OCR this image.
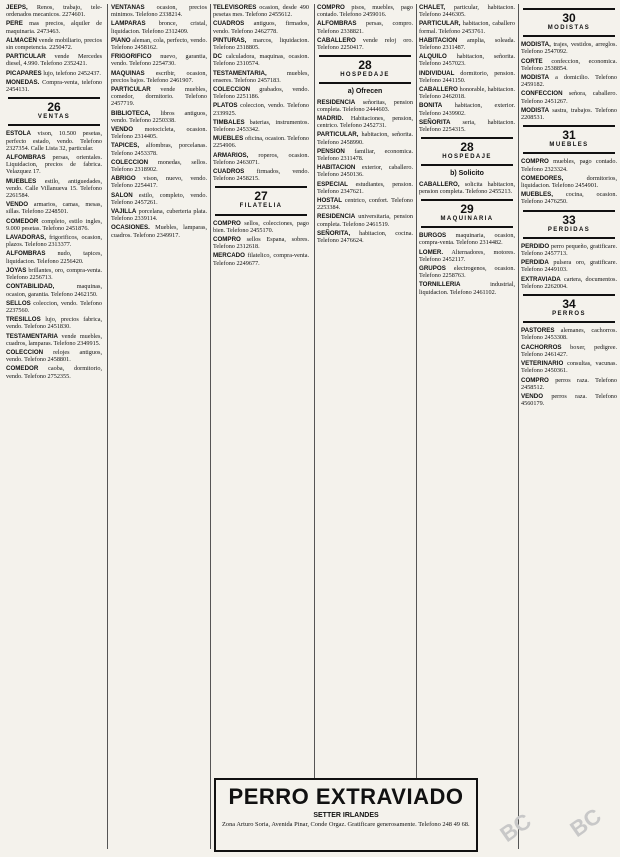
JEEPS, Renos, trabajo, tele-ordenados mecanicos. 2274601.

PERE mas precios, alquiler de maquinaria. 2473463.

ALMACEN vende mobiliario, precios sin competencia. 2250472.

PARTICULAR vende Mercedes diesel, 4.990. Telefono 2352421.

PICAPARES lujo, telefono 2452437.

MONEDAS. Compra-venta, telefono 2454131.

26
VENTAS

ESTOLA vison, 10.500 pesetas, perfecto estado, vendo. Telefono 2327354. Calle Lista 32, particular.

ALFOMBRAS persas, orientales. Liquidacion, precios de fabrica. Velazquez 17.

MUEBLES estilo, antiguedades, vendo. Calle Villanueva 15. Telefono 2261584.

VENDO armarios, camas, mesas, sillas. Telefono 2248501.

COMEDOR completo, estilo ingles, 9.000 pesetas. Telefono 2451876.

LAVADORAS, frigorificos, ocasion, plazos. Telefono 2313377.

ALFOMBRAS nudo, tapices, liquidacion. Telefono 2256420.

JOYAS brillantes, oro, compra-venta. Telefono 2256713.

CONTABILIDAD,	maquinas, ocasion, garantia. Telefono 2462150.

SELLOS coleccion, vendo. Telefono 2237560.

TRESILLOS lujo, precios fabrica, vendo. Telefono 2451830.

TESTAMENTARIA vende muebles, cuadros, lamparas. Telefono 2349915.

COLECCION relojes antiguos, vendo. Telefono 2458801.

COMEDOR caoba, dormitorio, vendo. Telefono 2752355.

VENTANAS ocasion, precios minimos. Telefono 2338214.

LAMPARAS bronce, cristal, liquidacion. Telefono 2312409.

PIANO aleman, cola, perfecto, vendo. Telefono 2458162.

FRIGORIFICO nuevo, garantia, vendo. Telefono 2254730.

MAQUINAS escribir, ocasion, precios bajos. Telefono 2461907.

PARTICULAR vende muebles, comedor, dormitorio. Telefono 2457719.

BIBLIOTECA, libros antiguos, vendo. Telefono 2250338.

VENDO motocicleta, ocasion. Telefono 2314405.

TAPICES, alfombras, porcelanas. Telefono 2453378.

COLECCION monedas, sellos. Telefono 2318902.

ABRIGO vison, nuevo, vendo. Telefono 2254417.

SALON estilo, completo, vendo. Telefono 2457261.

VAJILLA porcelana, cuberteria plata. Telefono 2339114.

OCASIONES. Muebles, lamparas, cuadros. Telefono 2349917.

TELEVISORES ocasion, desde 490 pesetas mes. Telefono 2455612.

CUADROS antiguos, firmados, vendo. Telefono 2462778.

PINTURAS, marcos, liquidacion. Telefono 2318805.

DC calculadora, maquinas, ocasion. Telefono 2310574.

TESTAMENTARIA,	muebles, enseres. Telefono 2457183.

COLECCION grabados, vendo. Telefono 2251186.

PLATOS coleccion, vendo. Telefono 2339925.

TIMBALES baterias, instrumentos. Telefono 2453342.

MUEBLES oficina, ocasion. Telefono 2254906.

ARMARIOS, roperos, ocasion. Telefono 2463071.

CUADROS firmados, vendo. Telefono 2458215.

27
FILATELIA

COMPRO sellos, colecciones, pago bien. Telefono 2455170.

COMPRO sellos Espana, sobres. Telefono 2312618.

MERCADO filatelico, compra-venta. Telefono 2249677.

COMPRO pisos, muebles, pago contado. Telefono 2459016.

ALFOMBRAS persas, compro. Telefono 2338821.

CABALLERO vende reloj oro. Telefono 2250417.

28
HOSPEDAJE
a) Ofrecen

RESIDENCIA señoritas, pension completa. Telefono 2444603.

MADRID. Habitaciones, pension, centrico. Telefono 2452731.

PARTICULAR, habitacion, señorita. Telefono 2458990.

PENSION familiar, economica. Telefono 2311478.

HABITACION exterior, caballero. Telefono 2450136.

ESPECIAL estudiantes, pension. Telefono 2347621.

HOSTAL centrico, confort. Telefono 2253384.

RESIDENCIA universitaria, pension completa. Telefono 2461519.

SEÑORITA, habitacion, cocina. Telefono 2476624.

CHALET, particular, habitacion. Telefono 2446305.

PARTICULAR, habitacion, caballero formal. Telefono 2453761.

HABITACION amplia, soleada. Telefono 2311487.

ALQUILO habitacion, señorita. Telefono 2457023.

INDIVIDUAL dormitorio, pension. Telefono 2441150.

CABALLERO honorable, habitacion. Telefono 2462018.

BONITA habitacion, exterior. Telefono 2439902.

SEÑORITA seria, habitacion. Telefono 2254315.

28
HOSPEDAJE
b) Solicito

CABALLERO, solicita habitacion, pension completa. Telefono 2455213.

29
MAQUINARIA

BURGOS maquinaria, ocasion, compra-venta. Telefono 2314482.

LOMER. Alternadores, motores. Telefono 2452117.

GRUPOS electrogenos, ocasion. Telefono 2258763.

TORNILLERIA	industrial, liquidacion. Telefono 2461102.

30
MODISTAS

MODISTA, trajes, vestidos, arreglos. Telefono 2547092.

CORTE confeccion, economica. Telefono 2538854.

MODISTA a domicilio. Telefono 2459182.

CONFECCION señora, caballero. Telefono 2451267.

MODISTA sastra, trabajos. Telefono 2208531.

31
MUEBLES

COMPRO muebles, pago contado. Telefono 2323324.

COMEDORES,	dormitorios, liquidacion. Telefono 2454901.

MUEBLES, cocina, ocasion. Telefono 2476250.

33
PERDIDAS

PERDIDO perro pequeño, gratificare. Telefono 2457713.

PERDIDA pulsera oro, gratificare. Telefono 2449103.

EXTRAVIADA cartera, documentos. Telefono 2262004.

34
PERROS

PASTORES alemanes, cachorros. Telefono 2453308.

CACHORROS boxer, pedigree. Telefono 2461427.

VETERINARIO consultas, vacunas. Telefono 2450361.

COMPRO perros raza. Telefono 2458512.

VENDO perros raza. Telefono 4560179.

PERRO EXTRAVIADO
SETTER IRLANDES
Zona Arturo Soria, Avenida Pinar, Conde Orgaz. Gratificare generosamente. Telefono 248 49 68. BC BC
